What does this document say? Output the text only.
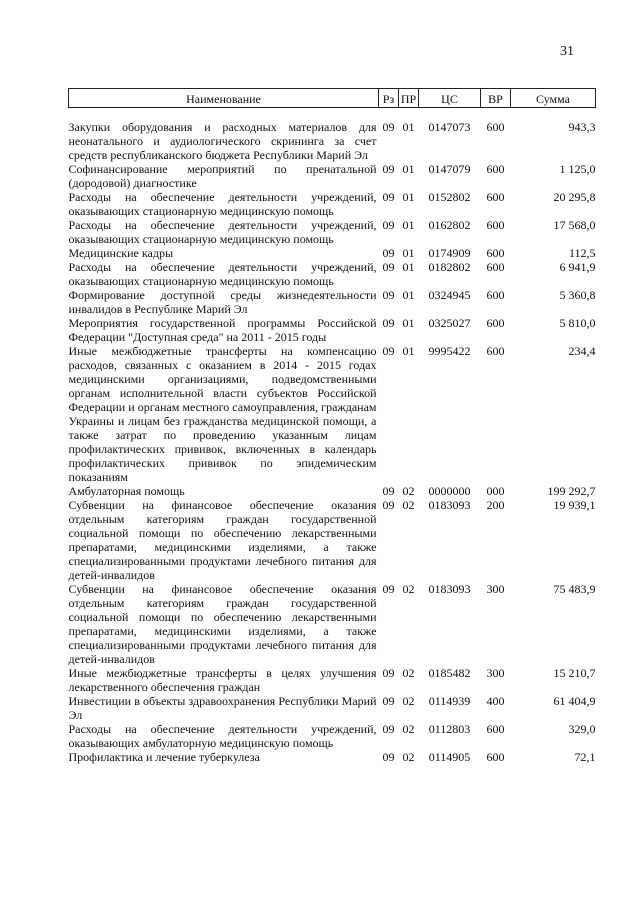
31
Наименование	Рз	ПР	ЦС	ВР	Сумма
Закупки оборудования и расходных материалов для неонатального и аудиологического скрининга за счет средств республиканского бюджета Республики Марий Эл	09	01	0147073	600	943,3
Софинансирование мероприятий по пренатальной (дородовой) диагностике	09	01	0147079	600	1 125,0
Расходы на обеспечение деятельности учреждений, оказывающих стационарную медицинскую помощь	09	01	0152802	600	20 295,8
Расходы на обеспечение деятельности учреждений, оказывающих стационарную медицинскую помощь	09	01	0162802	600	17 568,0
Медицинские кадры	09	01	0174909	600	112,5
Расходы на обеспечение деятельности учреждений, оказывающих стационарную медицинскую помощь	09	01	0182802	600	6 941,9
Формирование доступной среды жизнедеятельности инвалидов в Республике Марий Эл	09	01	0324945	600	5 360,8
Мероприятия государственной программы Российской Федерации "Доступная среда" на 2011 - 2015 годы	09	01	0325027	600	5 810,0
Иные межбюджетные трансферты на компенсацию расходов, связанных с оказанием в 2014 - 2015 годах медицинскими организациями, подведомственными органам исполнительной власти субъектов Российской Федерации и органам местного самоуправления, гражданам Украины и лицам без гражданства медицинской помощи, а также затрат по проведению указанным лицам профилактических прививок, включенных в календарь профилактических прививок по эпидемическим показаниям	09	01	9995422	600	234,4
Амбулаторная помощь	09	02	0000000	000	199 292,7
Субвенции на финансовое обеспечение оказания отдельным категориям граждан государственной социальной помощи по обеспечению лекарственными препаратами, медицинскими изделиями, а также специализированными продуктами лечебного питания для детей-инвалидов	09	02	0183093	200	19 939,1
Субвенции на финансовое обеспечение оказания отдельным категориям граждан государственной социальной помощи по обеспечению лекарственными препаратами, медицинскими изделиями, а также специализированными продуктами лечебного питания для детей-инвалидов	09	02	0183093	300	75 483,9
Иные межбюджетные трансферты в целях улучшения лекарственного обеспечения граждан	09	02	0185482	300	15 210,7
Инвестиции в объекты здравоохранения Республики Марий Эл	09	02	0114939	400	61 404,9
Расходы на обеспечение деятельности учреждений, оказывающих амбулаторную медицинскую помощь	09	02	0112803	600	329,0
Профилактика и лечение туберкулеза	09	02	0114905	600	72,1
